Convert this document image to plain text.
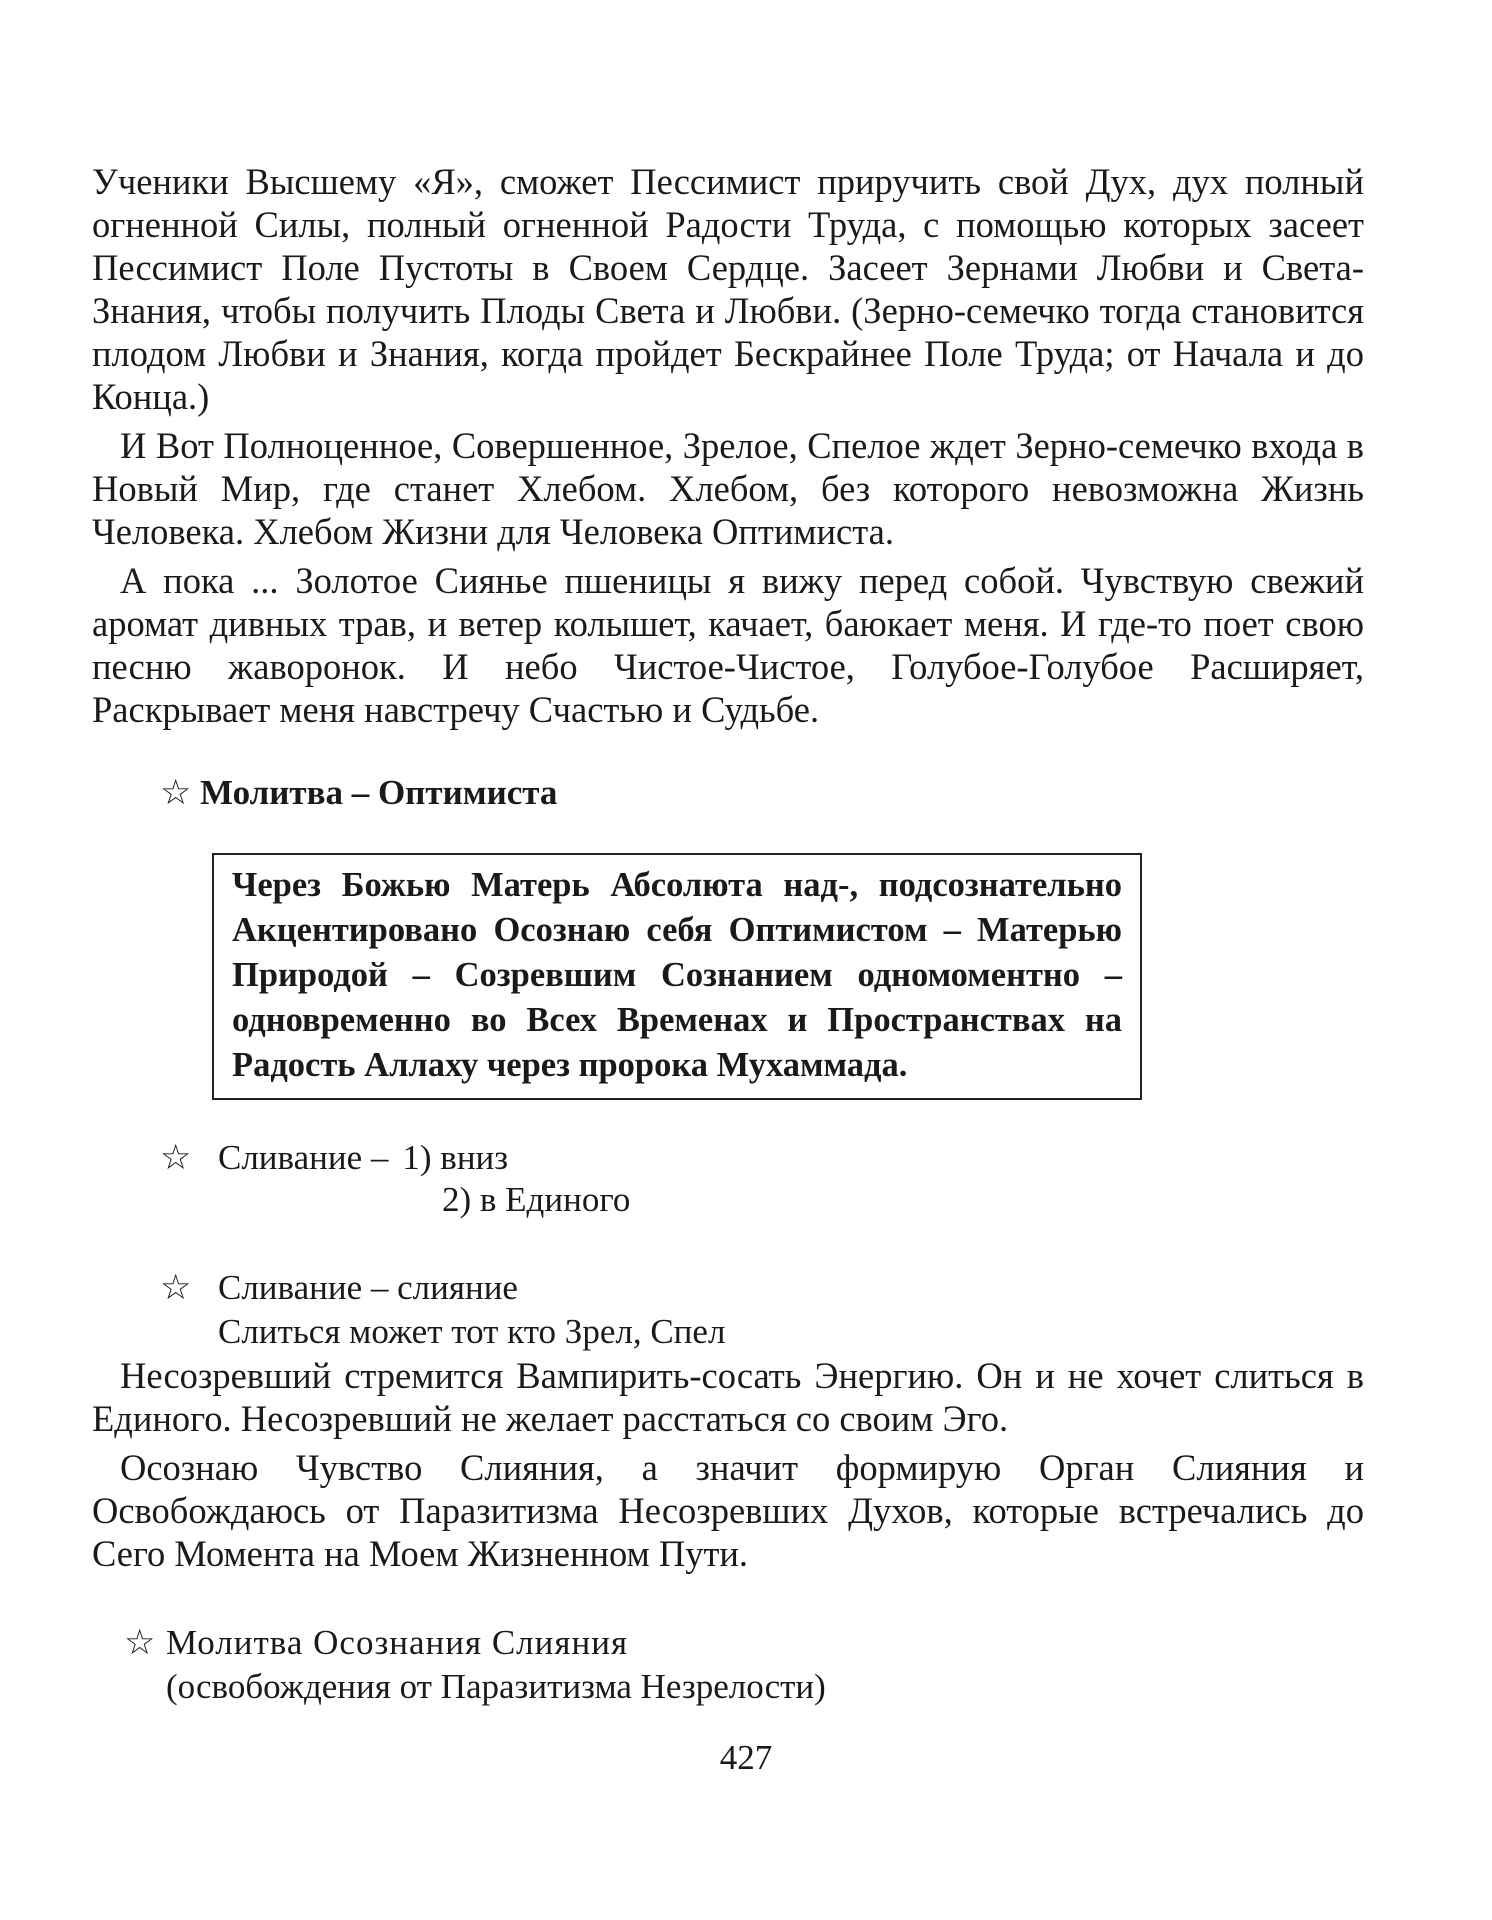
Ученики Высшему «Я», сможет Пессимист приручить свой Дух, дух полный огненной Силы, полный огненной Радости Труда, с помощью которых засеет Пессимист Поле Пустоты в Своем Сердце. Засеет Зернами Любви и Света-Знания, чтобы получить Плоды Света и Любви. (Зерно-семечко тогда становится плодом Любви и Знания, когда пройдет Бескрайнее Поле Труда; от Начала и до Конца.)

И Вот Полноценное, Совершенное, Зрелое, Спелое ждет Зерно-семечко входа в Новый Мир, где станет Хлебом. Хлебом, без которого невозможна Жизнь Человека. Хлебом Жизни для Человека Оптимиста.

А пока ... Золотое Сиянье пшеницы я вижу перед собой. Чувствую свежий аромат дивных трав, и ветер колышет, качает, баюкает меня. И где-то поет свою песню жаворонок. И небо Чистое-Чистое, Голубое-Голубое Расширяет, Раскрывает меня навстречу Счастью и Судьбе.

☆ Молитва – Оптимиста
Через Божью Матерь Абсолюта над-, подсознательно
Акцентировано Осознаю себя Оптимистом – Матерью
Природой – Созревшим Сознанием одномоментно –
одновременно во Всех Временах и Пространствах на
Радость Аллаху через пророка Мухаммада.
☆ Сливание – 1) вниз
2) в Единого
☆ Сливание – слияние
Слиться может тот кто Зрел, Спел

Несозревший стремится Вампирить-сосать Энергию. Он и не хочет слиться в Единого. Несозревший не желает расстаться со своим Эго.

Осознаю Чувство Слияния, а значит формирую Орган Слияния и Освобождаюсь от Паразитизма Несозревших Духов, которые встречались до Сего Момента на Моем Жизненном Пути.

☆ Молитва Осознания Слияния
(освобождения от Паразитизма Незрелости)
427
